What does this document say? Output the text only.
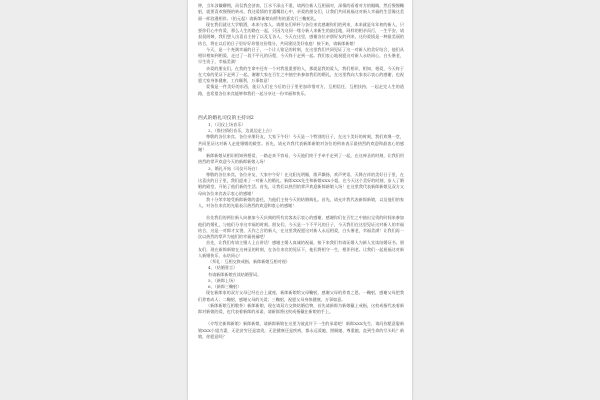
钟，当年涉嫌聊拥，而仅我会济南，江水不深山不重，请两位新人互相丽对，深情的看着对方的眼睛，然后慢慢鞠躬，就要喜欢慢慢的转动，我这爱情的甘露嘴唇心中，亲爱的朋友们，让我们共同祝福这对新人幸福的生活像这美丽一样浪漫相伴。（拍元起）请新郎新娘向所有的嘉宾行三鞠躬礼。

现在我们就这大学敬酒，本来与客人。请朋友们举杯与各位来宾感谢你们的到来，本来就是年年初的新人，只要你们心中有爱，那么人生的路在一起，只因为这同一缘分新人来新生的最佳地，同样的相亲而行，一生平安，请叔叔阿姨、我们想入出喜自主持了以及互各人，今天在这里，感谢各位亲朋好友的到来，这份爱情是一种最美丽的结合，将在以后的日子里好好珍惜这份缘分，共同建设美好家庭！接下来，请新郎新娘！

今天，是一个充满幸福的日子，一个让人铭记的时刻，在这里我们共同见证了这一对新人的美好结合，他们从相识相知到相爱，走过了一段不平凡的历程，今天终于走到一起。我们衷心地祝愿这对新人永结同心，白头偕老，早生贵子，幸福美满！

亲爱的朋友们，在我的生命中还有一个对我很重要的人，那就是我的爱人，我们相识、相知、相爱，今天终于在大家的见证下走到了一起，谢谢大家在百忙之中抽空来参加我们的婚礼，在这里我向大家表示衷心的感谢，也祝愿大家身体健康，工作顺利，万事如意！

爱情是一件美好的东西，能让人们在今后的日子里更加珍惜对方，互相信任，互相扶持，一起走完人生的道路，也希望各位来宾能够和我们一起分享这一份幸福和快乐。

西式的婚礼司仪的主持词2

1、（司仪上场音乐）

2、（推拉情侣音乐，边说边走上台）

尊敬的各位来宾、各位亲朋好友，大家下午好！今天是一个特别的日子，在这个美好的时刻，我们欢聚一堂，共同见证这对新人走进婚姻的殿堂。首先，请允许我代表新郎新娘对各位的到来表示最热烈的欢迎和最衷心的感谢！

新郎新娘从相识相知到相爱，一路走来不容易，今天他们终于手牵手走到了一起，在这神圣的时刻，让我们用热烈的掌声欢迎今天的新郎新娘入场！

3、婚礼开始（司仪开场白）

尊敬的各位来宾，各位亲友，大家中午好！在这阳光明媚，歌声飘扬，欢声笑语，天降吉祥的美好日子里，在这喜庆的日子里，我们迎来了一对新人的婚礼。新郎XXX先生和新娘XXX小姐，在今天这个美好的时刻，步入了婚姻的殿堂，开始了他们新的生活。首先，让我们以热烈的掌声欢迎新郎新娘入场！在这里我代表新郎新娘及双方父母向各位来宾表示衷心的感谢！

我十分荣幸地受新郎新娘的委托，为他们主持今天的结婚典礼。首先，请允许我代表新郎新娘，以及他们的家人，对各位来宾的光临表示热烈的欢迎和衷心的感谢！

首先我们的两位新人向参加今天庆典的所有宾客表示衷心的感谢，感谢你们在百忙之中抽出宝贵的时间来参加他们的婚礼，与他们分享这幸福的时刻。朋友们，今天是一个不平凡的日子，今天我们在这里见证这对新人的幸福结合，这是一对郎才女貌、天作之合的新人，在这里我祝愿这对新人永远相爱，白头偕老，幸福美满！让我们再一次以热烈的掌声为他们的幸福祝福吧！

首先，让我们有请主婚人上台讲话！感谢主婚人真诚的祝福，接下来我们有请证婚人为新人宣读结婚证书。朋友们，现在新郎新娘在这神圣的时刻，在各位来宾的见证下，他们将相守一生，相伴到老。让我们一起祝福这对新人新婚快乐，永结同心！

（拜礼：互相交换戒指，新郎新娘互相对视）

4、（结婚誓言）

有请新郎新娘宣读结婚誓词。

5、（新郎上场）

6、（新郎三鞠躬）

现在新郎家的双方父母已经在台上就座，新郎新娘给父母鞠躬，感谢父母的养育之恩。一鞠躬，感谢父母把我们养育成人；二鞠躬，感谢父母的关爱；三鞠躬，祝愿父母身体健康，万事如意。

（新郎新娘互相敬茶）新郎新娘，现在请双方交换结婚信物，首先请新郎为新娘戴上戒指，这枚戒指代表着新郎对新娘的爱，也代表着新郎的承诺，请新郎将这枚戒指戴在新娘的手上。

（介绍完新郎新娘）新郎新娘，请新郎新娘在这里为彼此许下一生的承诺吧！新郎XXX先生，请问你愿意娶新娘XXX小姐为妻，无论贫穷还是富贵，无论健康还是疾病，都永远爱她、照顾她、尊重她，直到生命的尽头吗？新娘，你愿意吗？
